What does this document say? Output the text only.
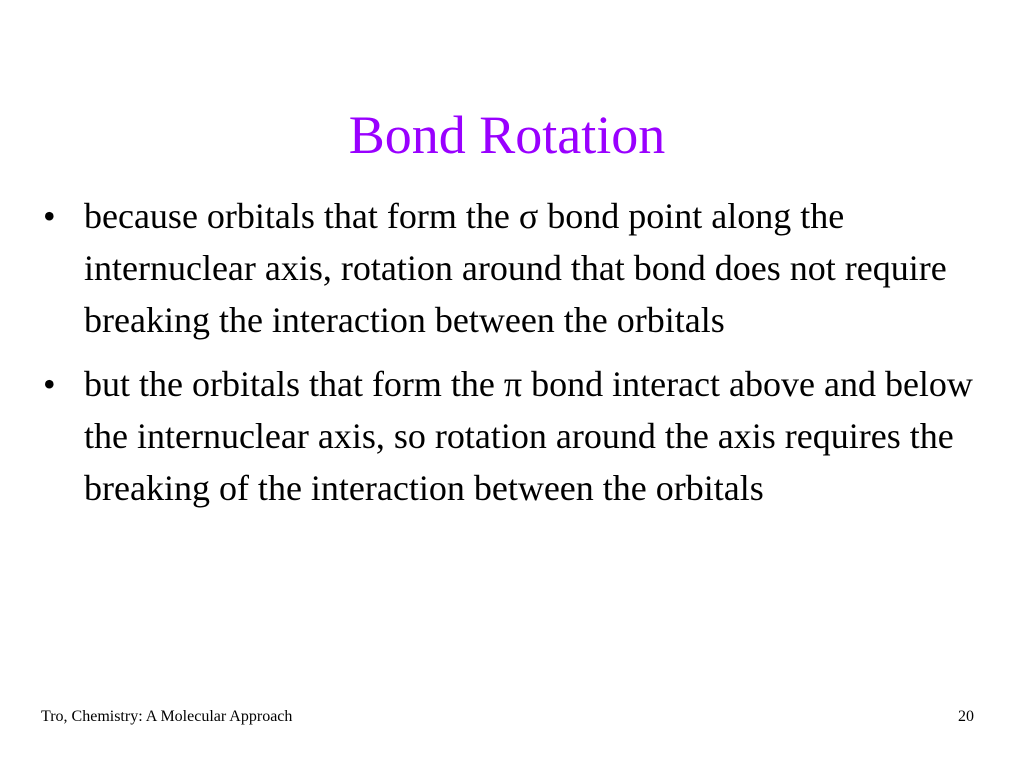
Bond Rotation
• because orbitals that form the σ bond point along the internuclear axis, rotation around that bond does not require breaking the interaction between the orbitals
• but the orbitals that form the π bond interact above and below the internuclear axis, so rotation around the axis requires the breaking of the interaction between the orbitals
Tro, Chemistry: A Molecular Approach	20
